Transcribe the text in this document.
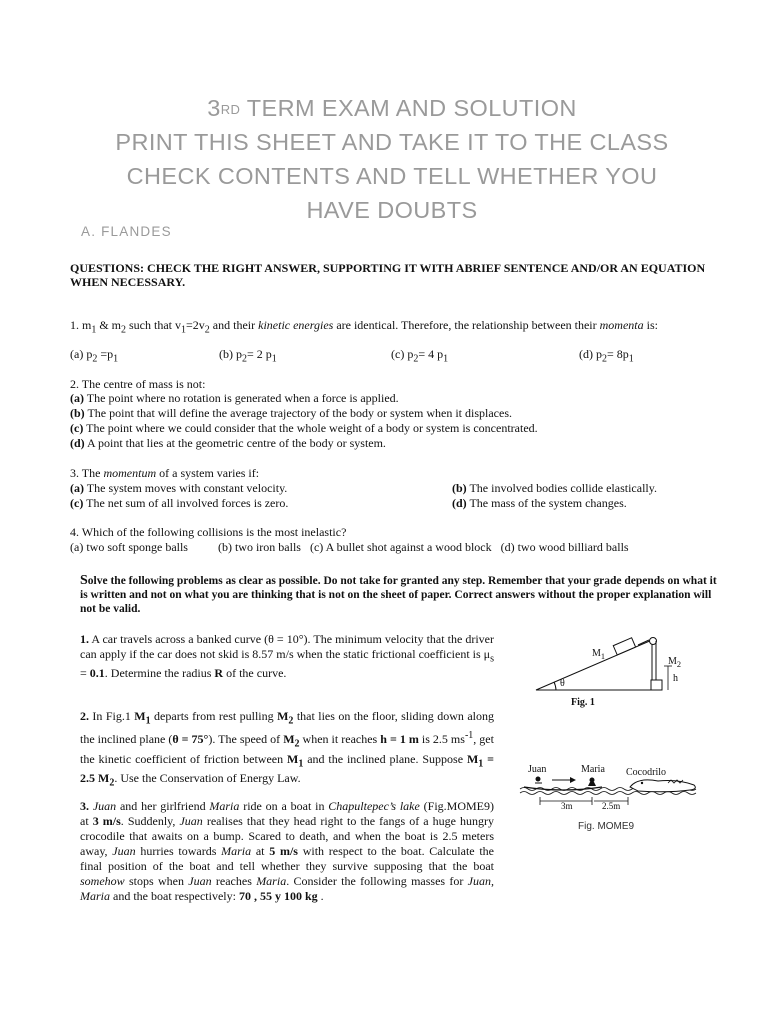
3RD TERM EXAM AND SOLUTION
PRINT THIS SHEET AND TAKE IT TO THE CLASS
CHECK CONTENTS AND TELL WHETHER YOU
HAVE DOUBTS
A. FLANDES
QUESTIONS: CHECK THE RIGHT ANSWER, SUPPORTING IT WITH ABRIEF SENTENCE AND/OR AN EQUATION WHEN NECESSARY.
1. $m_1$ & $m_2$ such that $v_1=2v_2$ and their kinetic energies are identical. Therefore, the relationship between their momenta is:
(a) $p_2 =p_1$	(b) $p_2= 2$ $p_1$	(c) $p_2= 4$ $p_1$	(d) $p_2= 8p_1$
2. The centre of mass is not:
(a) The point where no rotation is generated when a force is applied.
(b) The point that will define the average trajectory of the body or system when it displaces.
(c) The point where we could consider that the whole weight of a body or system is concentrated.
(d) A point that lies at the geometric centre of the body or system.
3. The momentum of a system varies if:
(a) The system moves with constant velocity.	(b) The involved bodies collide elastically.
(c) The net sum of all involved forces is zero.	(d) The mass of the system changes.
4. Which of the following collisions is the most inelastic?
(a) two soft sponge balls          (b) two iron balls   (c) A bullet shot against a wood block   (d) two wood billiard balls
Solve the following problems as clear as possible. Do not take for granted any step. Remember that your grade depends on what it is written and not on what you are thinking that is not on the sheet of paper. Correct answers without the proper explanation will not be valid.
1. A car travels across a banked curve (θ = 10°). The minimum velocity that the driver can apply if the car does not skid is 8.57 m/s when the static frictional coefficient is $\mu_s = 0.1$. Determine the radius R of the curve.
2. In Fig.1 $M_1$ departs from rest pulling $M_2$ that lies on the floor, sliding down along the inclined plane (θ = 75°). The speed of $M_2$ when it reaches h = 1 m is 2.5 $ms^{-1}$, get the kinetic coefficient of friction between $M_1$ and the inclined plane. Suppose $M_1 = 2.5$ $M_2$. Use the Conservation of Energy Law.
3. Juan and her girlfriend Maria ride on a boat in Chapultepec’s lake (Fig.MOME9) at 3 m/s. Suddenly, Juan realises that they head right to the fangs of a huge hungry crocodile that awaits on a bump. Scared to death, and when the boat is 2.5 meters away, Juan hurries towards Maria at 5 m/s with respect to the boat. Calculate the final position of the boat and tell whether they survive supposing that the boat somehow stops when Juan reaches Maria. Consider the following masses for Juan, Maria and the boat respectively: 70 , 55 y 100 kg .
$M_1$	$M_2$
h
θ
Fig. 1
Juan	Maria Cocodrilo
3m	2.5m
Fig. MOME9
